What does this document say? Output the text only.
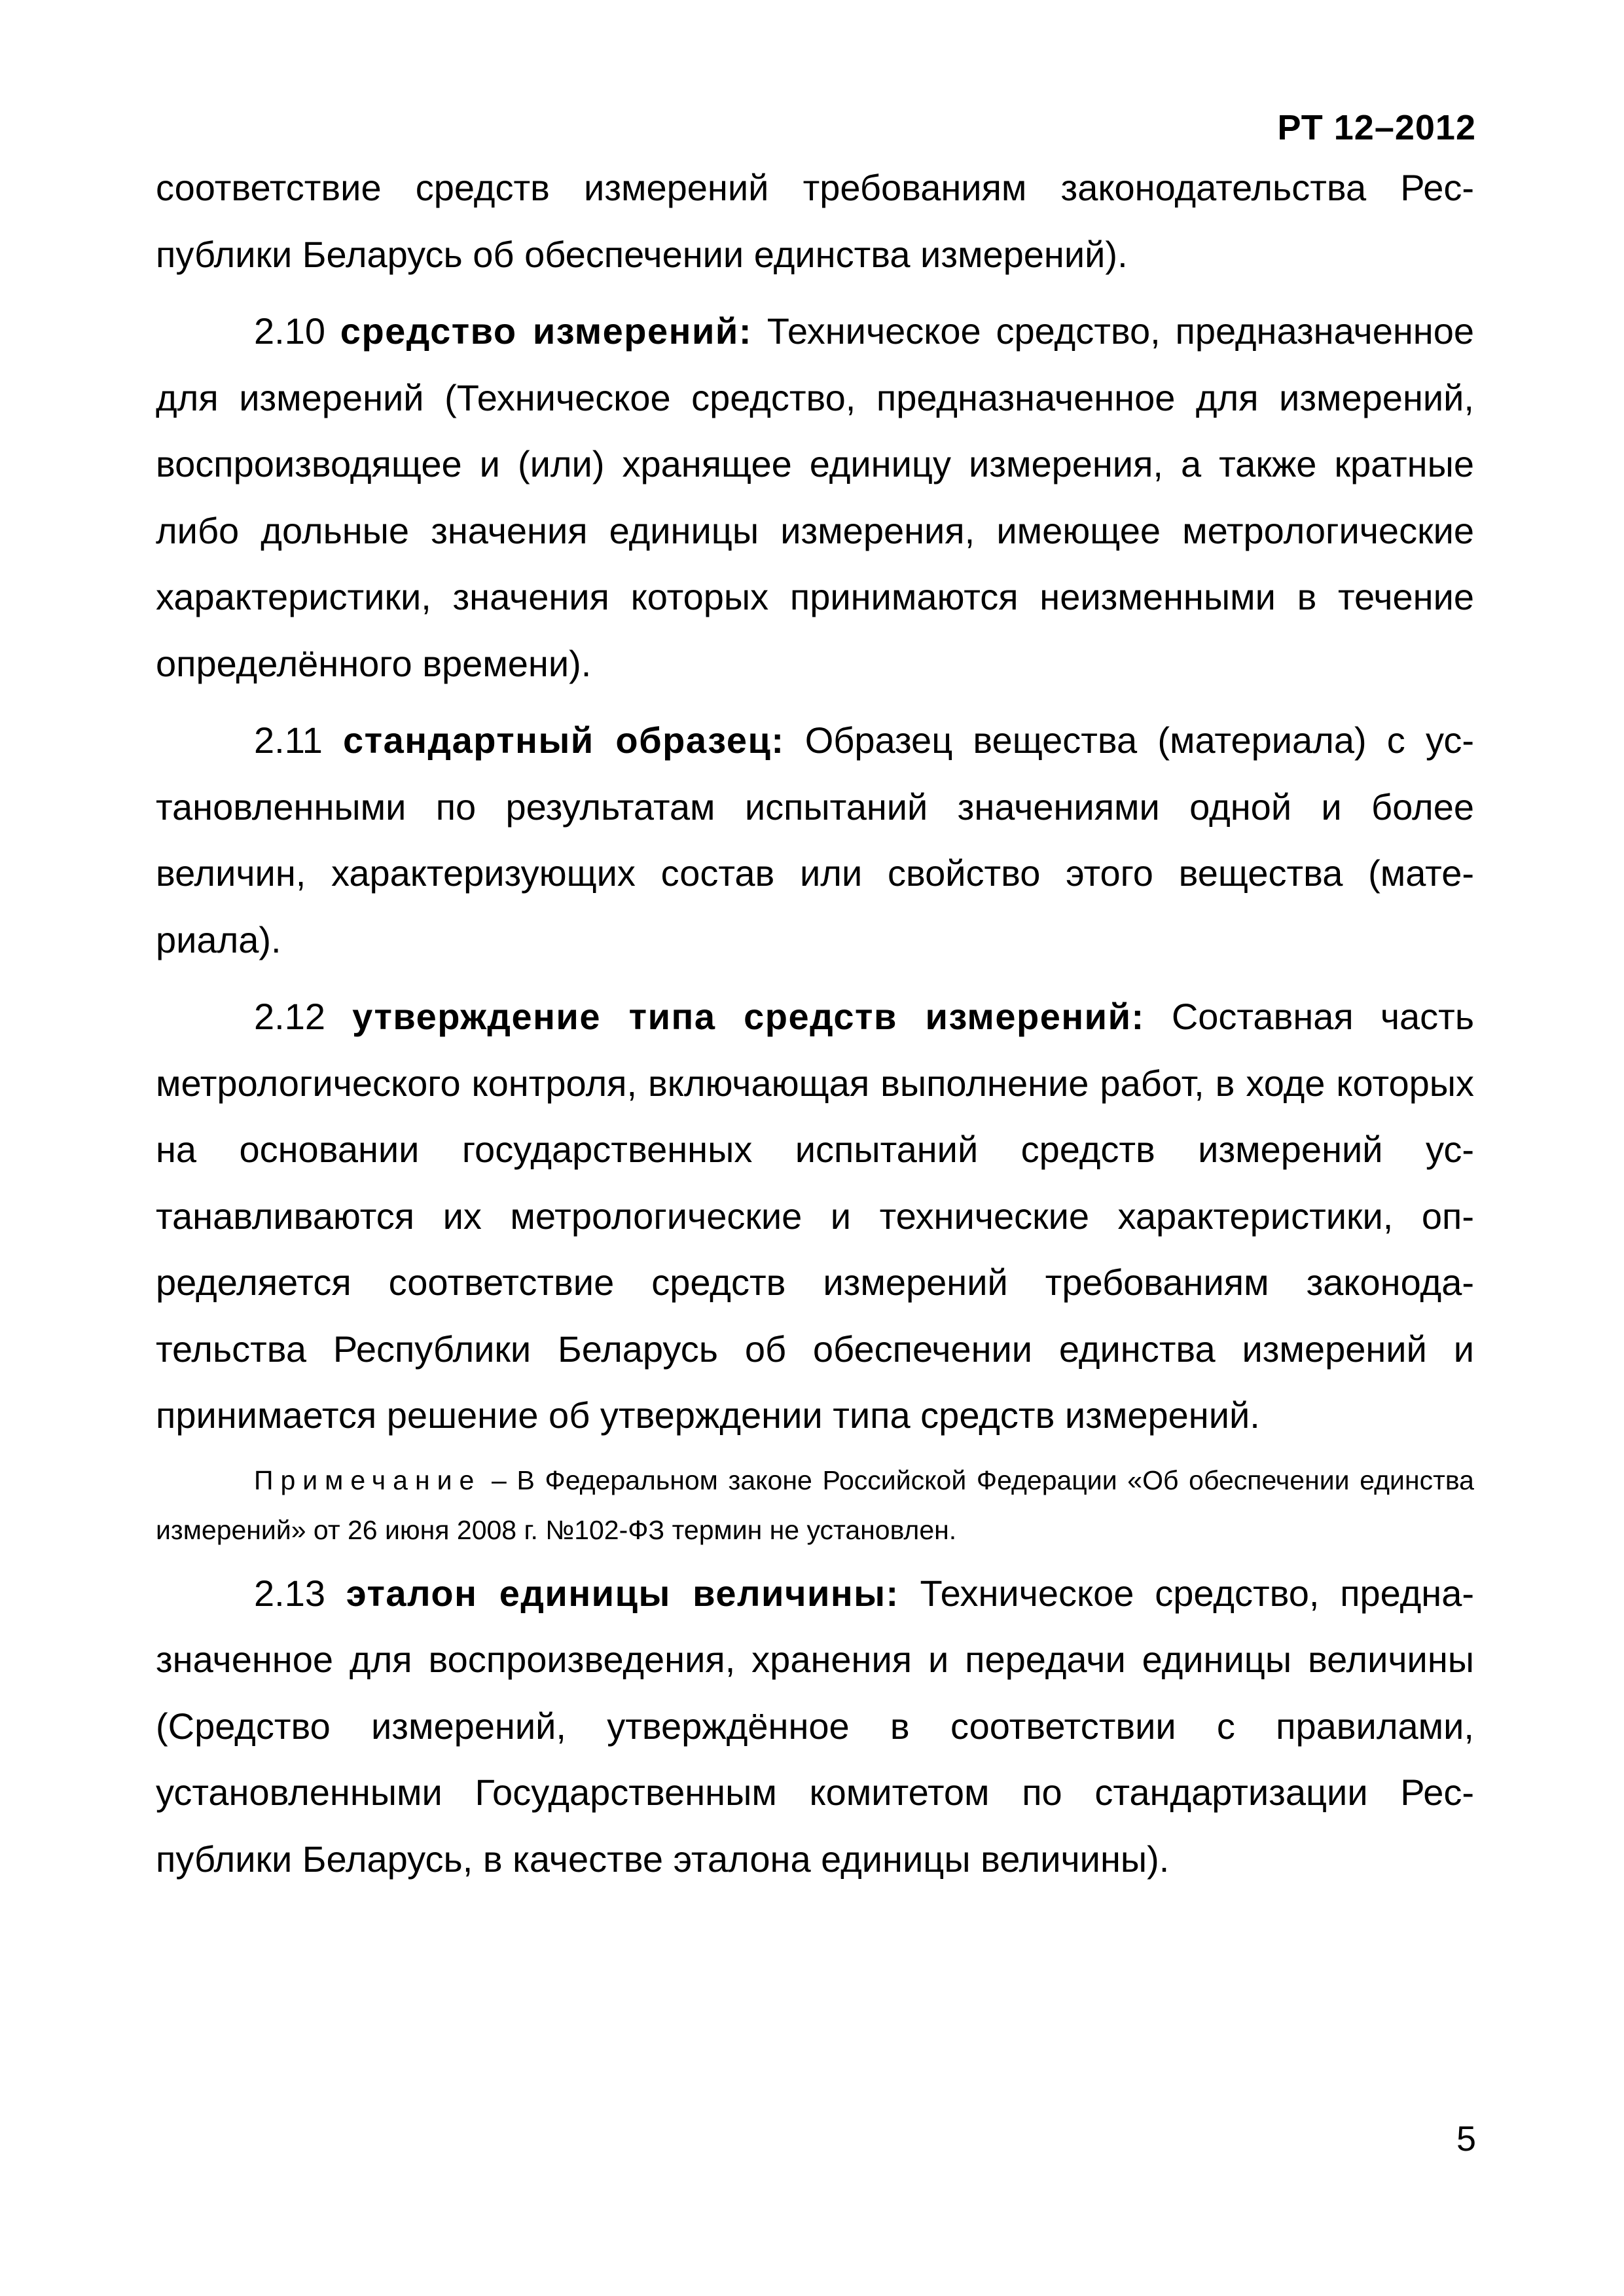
РТ 12–2012

соответствие средств измерений требованиям законодательства Республики Беларусь об обеспечении единства измерений).

2.10 средство измерений: Техническое средство, предназначенное для измерений (Техническое средство, предназначенное для измерений, воспроизводящее и (или) хранящее единицу измерения, а также кратные либо дольные значения единицы измерения, имеющее метрологические характеристики, значения которых принимаются неизменными в течение определённого времени).

2.11 стандартный образец: Образец вещества (материала) с установленными по результатам испытаний значениями одной и более величин, характеризующих состав или свойство этого вещества (материала).

2.12 утверждение типа средств измерений: Составная часть метрологического контроля, включающая выполнение работ, в ходе которых на основании государственных испытаний средств измерений устанавливаются их метрологические и технические характеристики, определяется соответствие средств измерений требованиям законодательства Республики Беларусь об обеспечении единства измерений и принимается решение об утверждении типа средств измерений.

Примечание – В Федеральном законе Российской Федерации «Об обеспечении единства измерений» от 26 июня 2008 г. №102-ФЗ термин не установлен.

2.13 эталон единицы величины: Техническое средство, предназначенное для воспроизведения, хранения и передачи единицы величины (Средство измерений, утверждённое в соответствии с правилами, установленными Государственным комитетом по стандартизации Республики Беларусь, в качестве эталона единицы величины).

5
